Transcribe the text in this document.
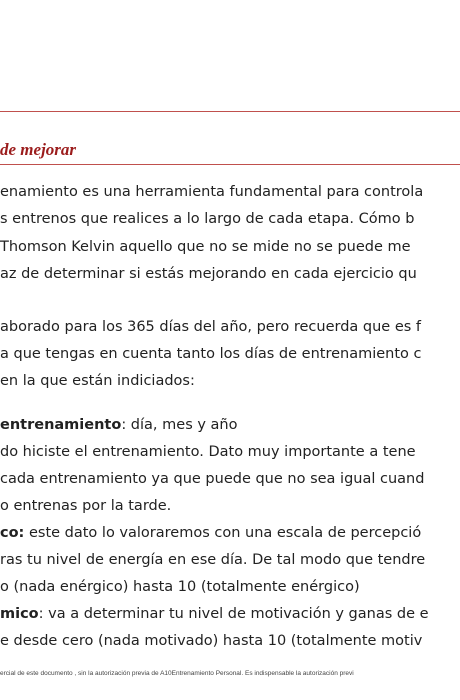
de mejorar
enamiento es una herramienta fundamental para controla
s entrenos que realices a lo largo de cada etapa. Cómo b
Thomson Kelvin aquello que no se mide no se puede me
az de determinar si estás mejorando en cada ejercicio qu
aborado para los 365 días del año, pero recuerda que es f
a que tengas en cuenta tanto los días de entrenamiento c
en la que están indiciados:
entrenamiento: día, mes y año
do hiciste el entrenamiento. Dato muy importante a tene
cada entrenamiento ya que puede que no sea igual cuand
o entrenas por la tarde.
co: este dato lo valoraremos con una escala de percepció
ras tu nivel de energía en ese día. De tal modo que tendre
o (nada enérgico) hasta 10 (totalmente enérgico)
mico: va a determinar tu nivel de motivación y ganas de e
e desde cero (nada motivado) hasta 10 (totalmente motiv
ercial de este documento , sin la autorización previa de A10Entrenamiento Personal. Es indispensable la autorización previ
